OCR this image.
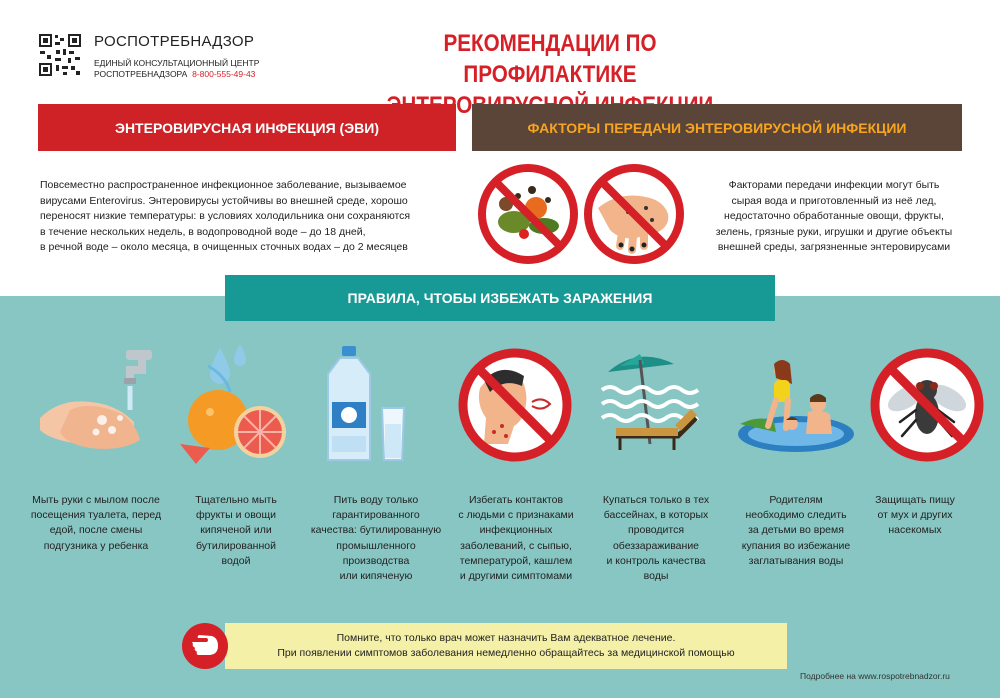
РОСПОТРЕБНАДЗОР
ЕДИНЫЙ КОНСУЛЬТАЦИОННЫЙ ЦЕНТР
РОСПОТРЕБНАДЗОРА 8-800-555-49-43
РЕКОМЕНДАЦИИ ПО ПРОФИЛАКТИКЕ
ЭНТЕРОВИРУСНАЯ ИНФЕКЦИЯ (ЭВИ)	ФАКТОРЫ ПЕРЕДАЧИ ЭНТЕРОВИРУСНОЙ ИНФЕКЦИИ
Повсеместно распространенное инфекционное заболевание, вызываемое
вирусами Enterovirus. Энтеровирусы устойчивы во внешней среде, хорошо
переносят низкие температуры: в условиях холодильника они сохраняются
в течение нескольких недель, в водопроводной воде – до 18 дней,
в речной воде – около месяца, в очищенных сточных водах – до 2 месяцев
Факторами передачи инфекции могут быть
сырая вода и приготовленный из неё лед,
недостаточно обработанные овощи, фрукты,
зелень, грязные руки, игрушки и другие объекты
внешней среды, загрязненные энтеровирусами
ПРАВИЛА, ЧТОБЫ ИЗБЕЖАТЬ ЗАРАЖЕНИЯ
Мыть руки с мылом после
посещения туалета, перед
едой, после смены
подгузника у ребенка
Тщательно мыть
фрукты и овощи
кипяченой или
бутилированной
водой
Пить воду только
гарантированного
качества: бутилированную
промышленного
производства
или кипяченую
Избегать контактов
с людьми с признаками
инфекционных
заболеваний, с сыпью,
температурой, кашлем
и другими симптомами
Купаться только в тех
бассейнах, в которых
проводится
обеззараживание
и контроль качества
воды
Родителям
необходимо следить
за детьми во время
купания во избежание
заглатывания воды
Защищать пищу
от мух и других
насекомых
Помните, что только врач может назначить Вам адекватное лечение.
При появлении симптомов заболевания немедленно обращайтесь за медицинской помощью
Подробнее на www.rospotrebnadzor.ru
